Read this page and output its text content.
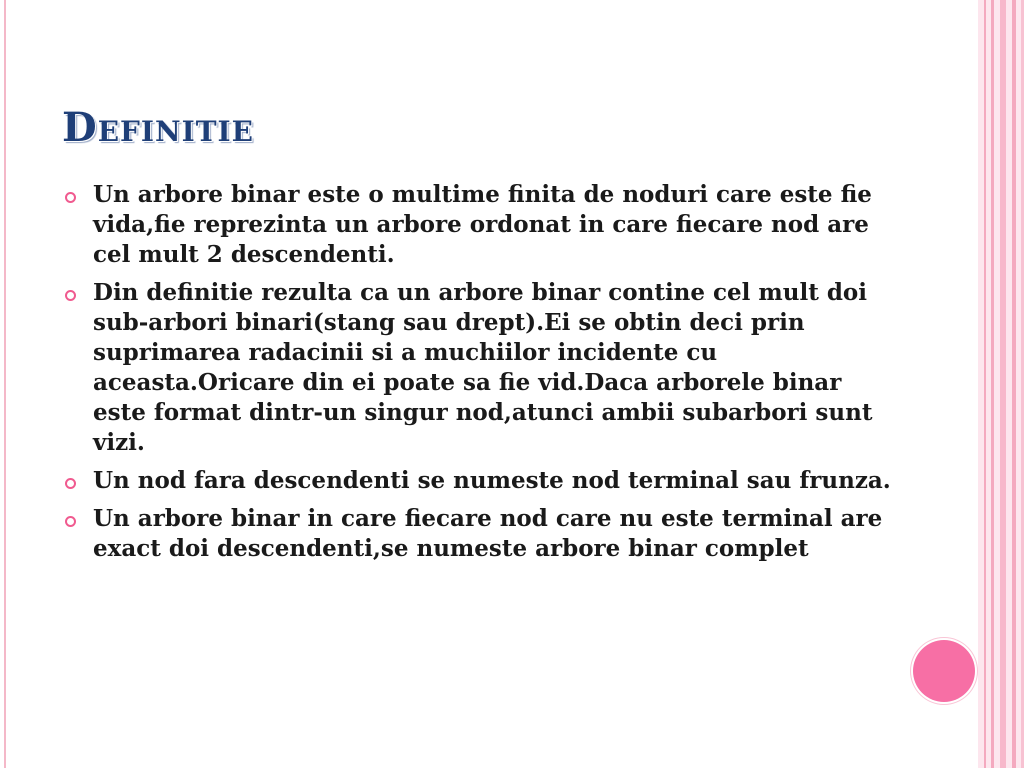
Definitie
Un arbore binar este o multime finita de noduri care este fie vida,fie reprezinta un arbore ordonat in care fiecare nod are cel mult 2 descendenti.
Din definitie rezulta ca un arbore binar contine cel mult doi sub-arbori binari(stang sau drept).Ei se obtin deci prin suprimarea radacinii si a muchiilor incidente cu aceasta.Oricare din ei poate sa fie vid.Daca arborele binar este format dintr-un singur nod,atunci ambii subarbori sunt vizi.
Un nod fara descendenti se numeste nod terminal sau frunza.
Un arbore binar in care fiecare nod care nu este terminal are exact doi descendenti,se numeste arbore binar complet
